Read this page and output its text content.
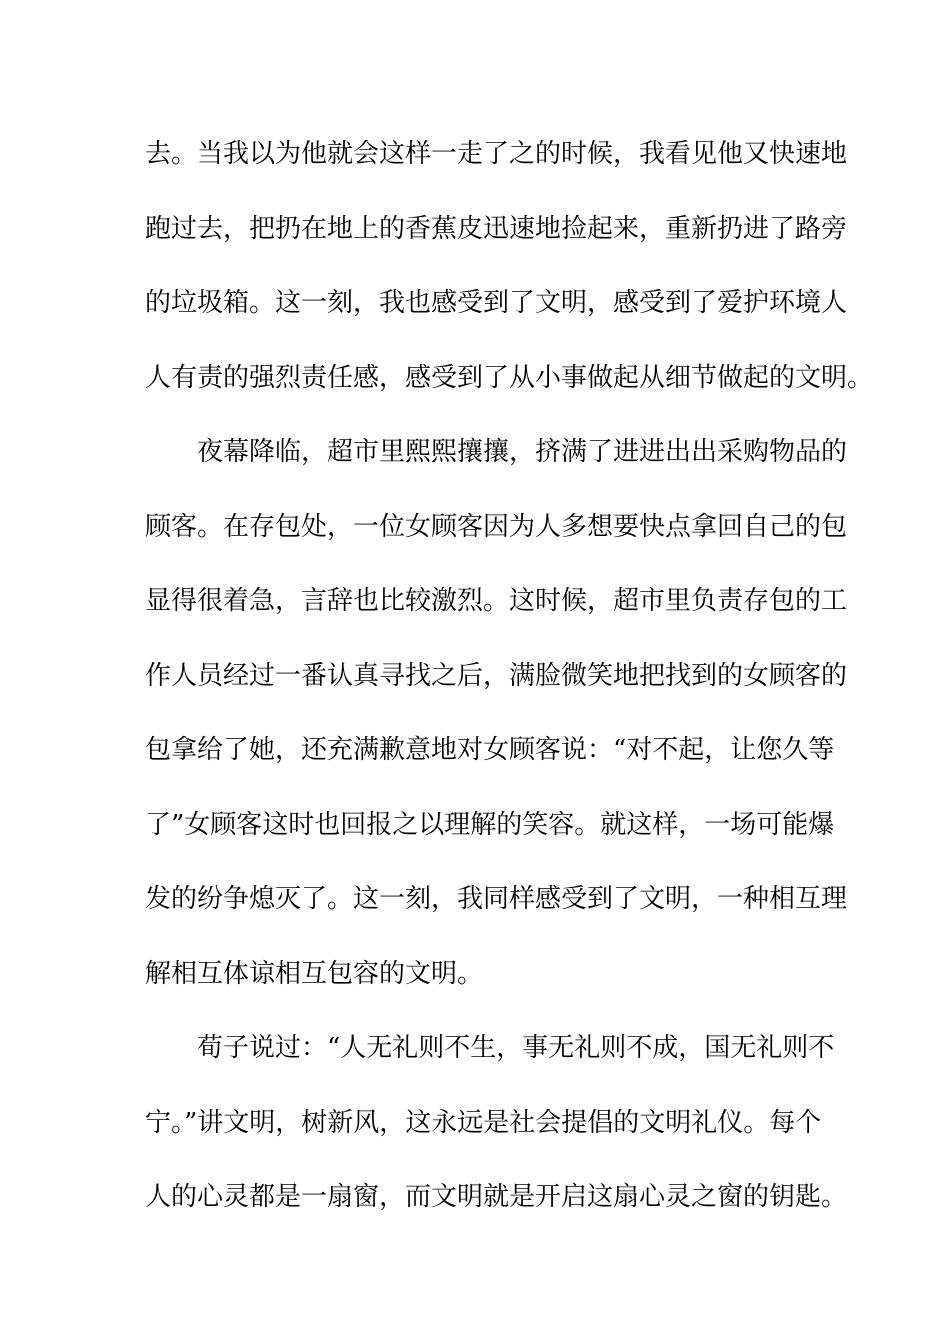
去。当我以为他就会这样一走了之的时候，我看见他又快速地
跑过去，把扔在地上的香蕉皮迅速地捡起来，重新扔进了路旁
的垃圾箱。这一刻，我也感受到了文明，感受到了爱护环境人
人有责的强烈责任感，感受到了从小事做起从细节做起的文明。
夜幕降临，超市里熙熙攘攘，挤满了进进出出采购物品的
顾客。在存包处，一位女顾客因为人多想要快点拿回自己的包
显得很着急，言辞也比较激烈。这时候，超市里负责存包的工
作人员经过一番认真寻找之后，满脸微笑地把找到的女顾客的
包拿给了她，还充满歉意地对女顾客说：“对不起，让您久等
了”女顾客这时也回报之以理解的笑容。就这样，一场可能爆
发的纷争熄灭了。这一刻，我同样感受到了文明，一种相互理
解相互体谅相互包容的文明。
荀子说过：“人无礼则不生，事无礼则不成，国无礼则不
宁。”讲文明，树新风，这永远是社会提倡的文明礼仪。每个
人的心灵都是一扇窗，而文明就是开启这扇心灵之窗的钥匙。
